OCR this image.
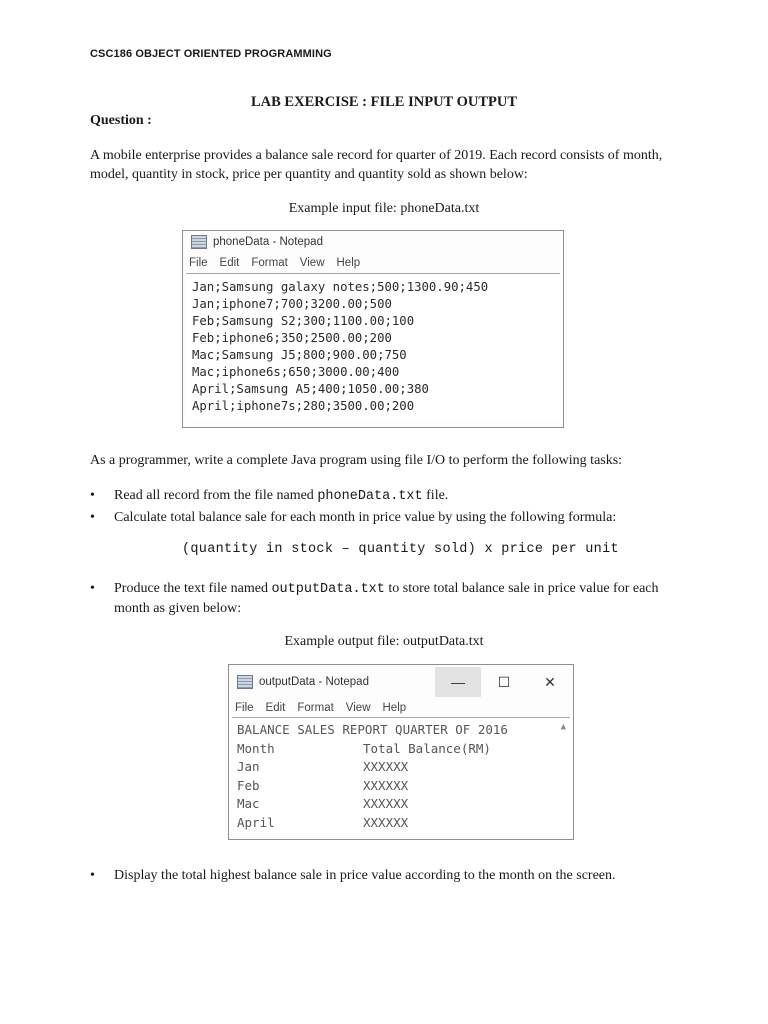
CSC186 OBJECT ORIENTED PROGRAMMING
LAB EXERCISE : FILE INPUT OUTPUT
Question :
A mobile enterprise provides a balance sale record for quarter of 2019. Each record consists of month, model, quantity in stock, price per quantity and quantity sold as shown below:
Example input file: phoneData.txt
phoneData - Notepad
File Edit Format View Help
Jan;Samsung galaxy notes;500;1300.90;450
Jan;iphone7;700;3200.00;500
Feb;Samsung S2;300;1100.00;100
Feb;iphone6;350;2500.00;200
Mac;Samsung J5;800;900.00;750
Mac;iphone6s;650;3000.00;400
April;Samsung A5;400;1050.00;380
April;iphone7s;280;3500.00;200
As a programmer, write a complete Java program using file I/O to perform the following tasks:
• Read all record from the file named phoneData.txt file.
• Calculate total balance sale for each month in price value by using the following formula:
(quantity in stock – quantity sold) x price per unit
• Produce the text file named outputData.txt to store total balance sale in price value for each month as given below:
Example output file: outputData.txt
outputData - Notepad	—	☐	✕
File Edit Format View Help
▲
BALANCE SALES REPORT QUARTER OF 2016
Month	Total Balance(RM)
Jan	XXXXXX
Feb	XXXXXX
Mac	XXXXXX
April	XXXXXX
• Display the total highest balance sale in price value according to the month on the screen.
